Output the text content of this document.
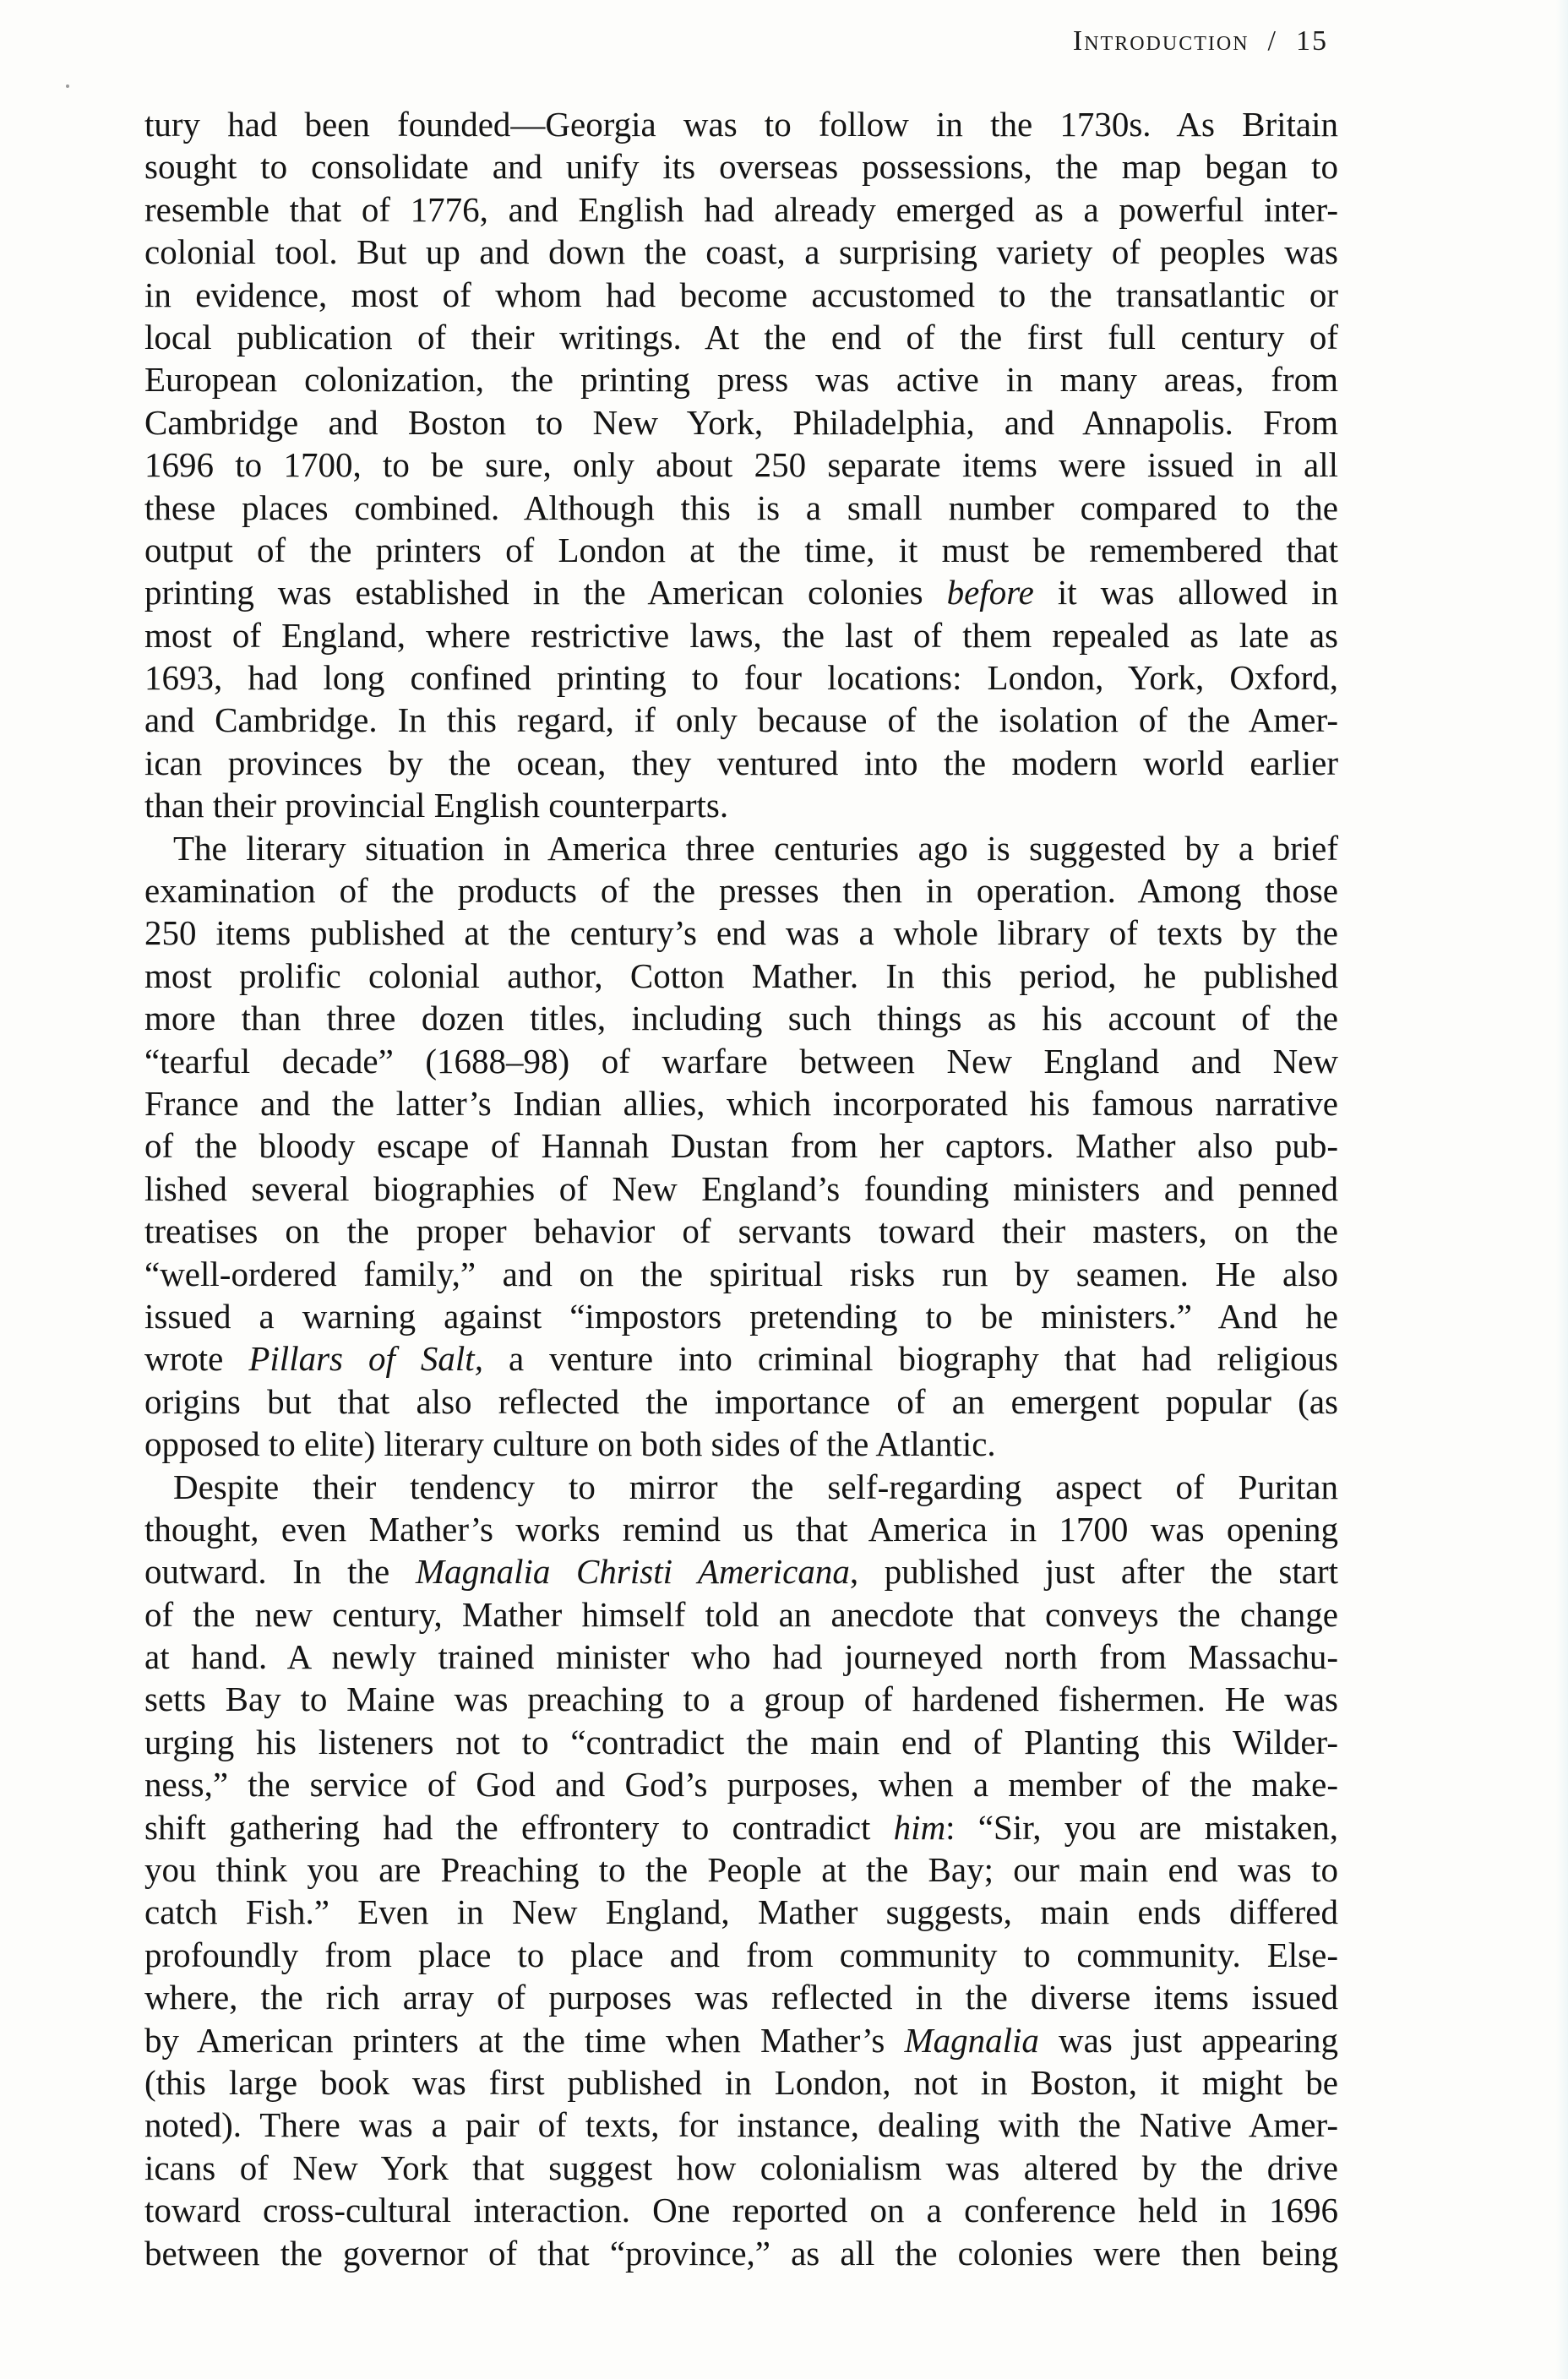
Introduction / 15
tury had been founded—Georgia was to follow in the 1730s. As Britain
sought to consolidate and unify its overseas possessions, the map began to
resemble that of 1776, and English had already emerged as a powerful inter-
colonial tool. But up and down the coast, a surprising variety of peoples was
in evidence, most of whom had become accustomed to the transatlantic or
local publication of their writings. At the end of the first full century of
European colonization, the printing press was active in many areas, from
Cambridge and Boston to New York, Philadelphia, and Annapolis. From
1696 to 1700, to be sure, only about 250 separate items were issued in all
these places combined. Although this is a small number compared to the
output of the printers of London at the time, it must be remembered that
printing was established in the American colonies before it was allowed in
most of England, where restrictive laws, the last of them repealed as late as
1693, had long confined printing to four locations: London, York, Oxford,
and Cambridge. In this regard, if only because of the isolation of the Amer-
ican provinces by the ocean, they ventured into the modern world earlier
than their provincial English counterparts.
The literary situation in America three centuries ago is suggested by a brief
examination of the products of the presses then in operation. Among those
250 items published at the century’s end was a whole library of texts by the
most prolific colonial author, Cotton Mather. In this period, he published
more than three dozen titles, including such things as his account of the
“tearful decade” (1688–98) of warfare between New England and New
France and the latter’s Indian allies, which incorporated his famous narrative
of the bloody escape of Hannah Dustan from her captors. Mather also pub-
lished several biographies of New England’s founding ministers and penned
treatises on the proper behavior of servants toward their masters, on the
“well-ordered family,” and on the spiritual risks run by seamen. He also
issued a warning against “impostors pretending to be ministers.” And he
wrote Pillars of Salt, a venture into criminal biography that had religious
origins but that also reflected the importance of an emergent popular (as
opposed to elite) literary culture on both sides of the Atlantic.
Despite their tendency to mirror the self-regarding aspect of Puritan
thought, even Mather’s works remind us that America in 1700 was opening
outward. In the Magnalia Christi Americana, published just after the start
of the new century, Mather himself told an anecdote that conveys the change
at hand. A newly trained minister who had journeyed north from Massachu-
setts Bay to Maine was preaching to a group of hardened fishermen. He was
urging his listeners not to “contradict the main end of Planting this Wilder-
ness,” the service of God and God’s purposes, when a member of the make-
shift gathering had the effrontery to contradict him: “Sir, you are mistaken,
you think you are Preaching to the People at the Bay; our main end was to
catch Fish.” Even in New England, Mather suggests, main ends differed
profoundly from place to place and from community to community. Else-
where, the rich array of purposes was reflected in the diverse items issued
by American printers at the time when Mather’s Magnalia was just appearing
(this large book was first published in London, not in Boston, it might be
noted). There was a pair of texts, for instance, dealing with the Native Amer-
icans of New York that suggest how colonialism was altered by the drive
toward cross-cultural interaction. One reported on a conference held in 1696
between the governor of that “province,” as all the colonies were then being
